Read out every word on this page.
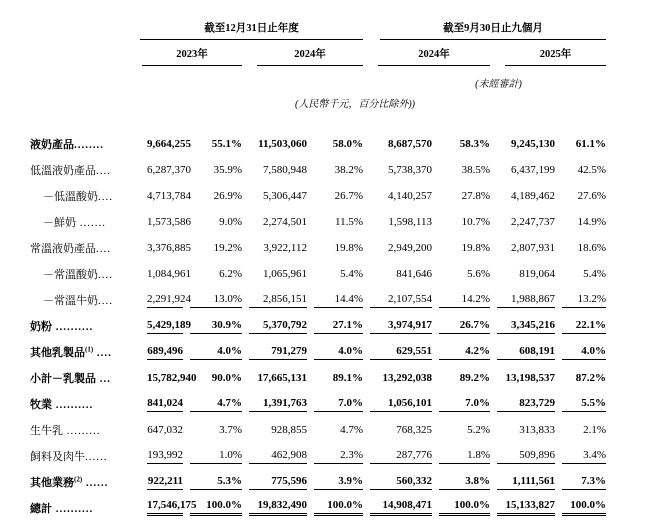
	截至12月31日止年度				截至9月30日止九個月			

	2023年		2024年		2024年		2025年	

					(未經審計)			
	(人民幣千元，百分比除外))							
液奶產品........	9,664,255	55.1%	11,503,060	58.0%	8,687,570	58.3%	9,245,130	61.1%

低溫液奶產品....	6,287,370	35.9%	7,580,948	38.2%	5,738,370	38.5%	6,437,199	42.5%

－低溫酸奶....	4,713,784	26.9%	5,306,447	26.7%	4,140,257	27.8%	4,189,462	27.6%

－鮮奶 .......	1,573,586	9.0%	2,274,501	11.5%	1,598,113	10.7%	2,247,737	14.9%

常溫液奶產品....	3,376,885	19.2%	3,922,112	19.8%	2,949,200	19.8%	2,807,931	18.6%

－常溫酸奶....	1,084,961	6.2%	1,065,961	5.4%	841,646	5.6%	819,064	5.4%

－常溫牛奶....	2,291,924	13.0%	2,856,151	14.4%	2,107,554	14.2%	1,988,867	13.2%

奶粉 ..........	5,429,189	30.9%	5,370,792	27.1%	3,974,917	26.7%	3,345,216	22.1%

其他乳製品$^{(1)}$ ....	689,496	4.0%	791,279	4.0%	629,551	4.2%	608,191	4.0%

小計－乳製品 ...	15,782,940	90.0%	17,665,131	89.1%	13,292,038	89.2%	13,198,537	87.2%

牧業 ..........	841,024	4.7%	1,391,763	7.0%	1,056,101	7.0%	823,729	5.5%

生牛乳 .........	647,032	3.7%	928,855	4.7%	768,325	5.2%	313,833	2.1%

飼料及肉牛......	193,992	1.0%	462,908	2.3%	287,776	1.8%	509,896	3.4%

其他業務$^{(2)}$ ......	922,211	5.3%	775,596	3.9%	560,332	3.8%	1,111,561	7.3%

總計 ..........	17,546,175	100.0%	19,832,490	100.0%	14,908,471	100.0%	15,133,827	100.0%
